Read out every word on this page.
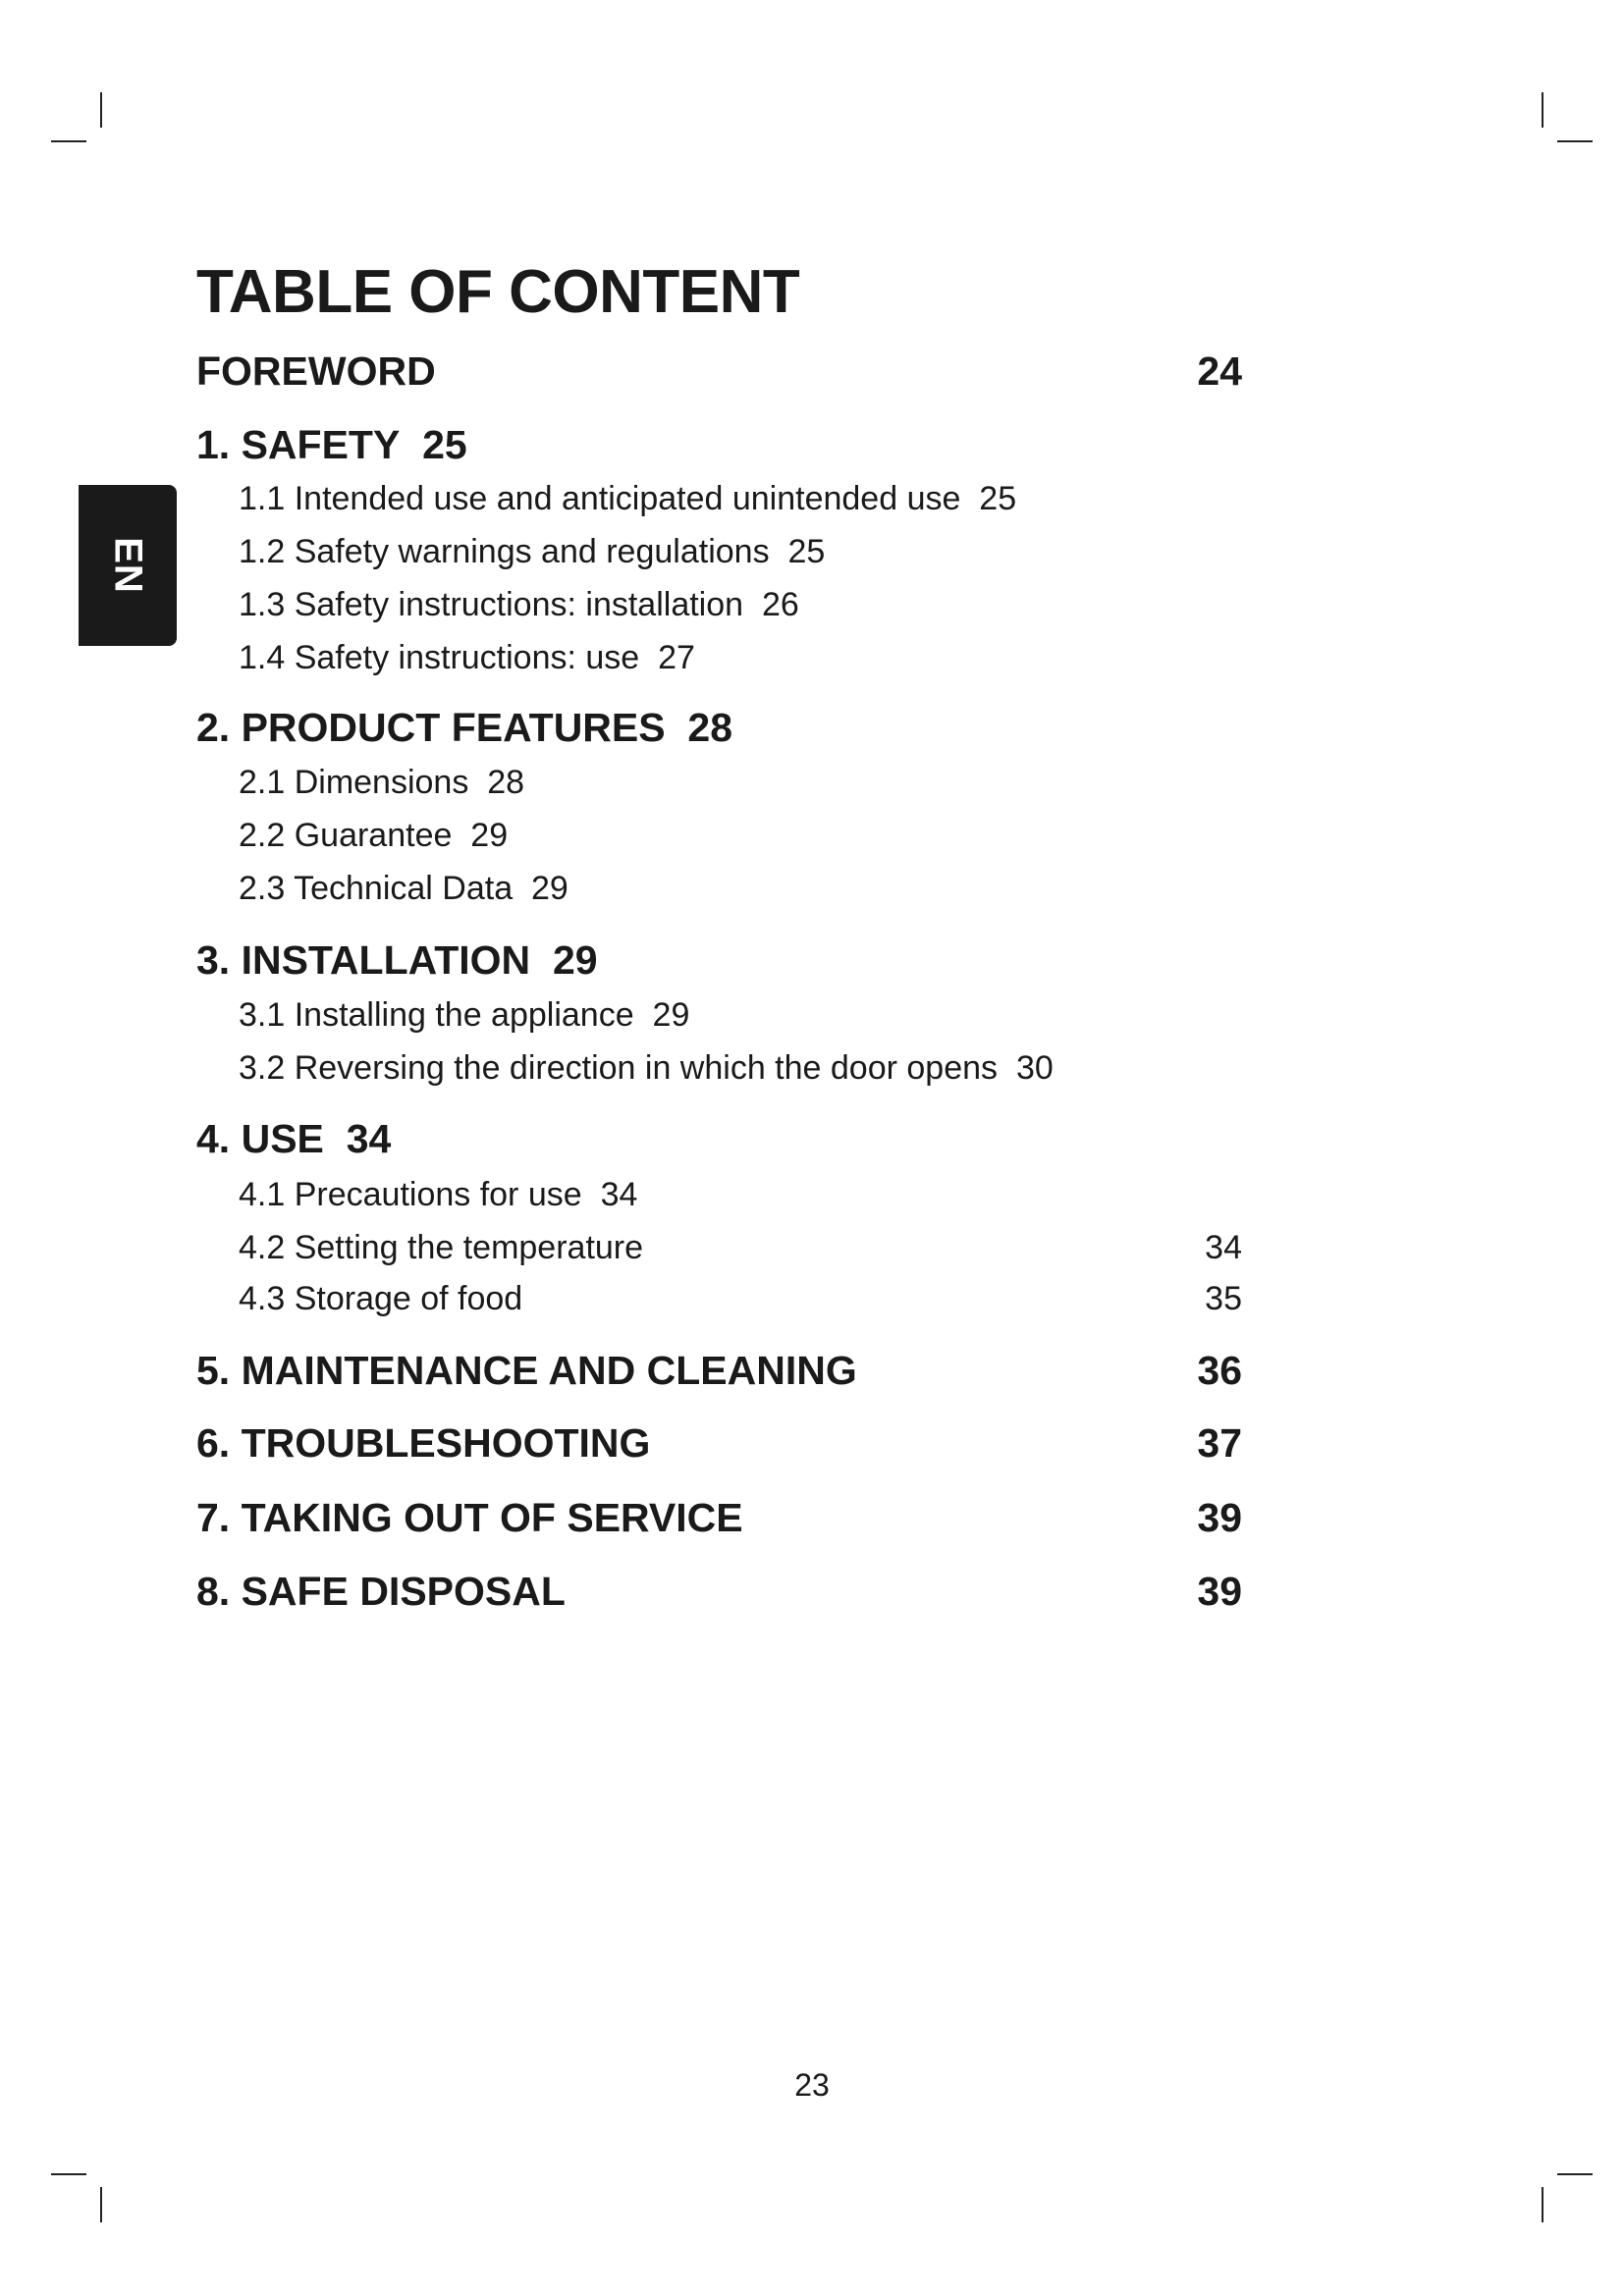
EN
TABLE OF CONTENT
FOREWORD	24
1. SAFETY 25
1.1 Intended use and anticipated unintended use 25
1.2 Safety warnings and regulations 25
1.3 Safety instructions: installation 26
1.4 Safety instructions: use 27
2. PRODUCT FEATURES 28
2.1 Dimensions 28
2.2 Guarantee 29
2.3 Technical Data 29
3. INSTALLATION 29
3.1 Installing the appliance 29
3.2 Reversing the direction in which the door opens 30
4. USE 34
4.1 Precautions for use 34
4.2 Setting the temperature	34
4.3 Storage of food	35
5. MAINTENANCE AND CLEANING	36
6. TROUBLESHOOTING	37
7. TAKING OUT OF SERVICE	39
8. SAFE DISPOSAL	39
23
